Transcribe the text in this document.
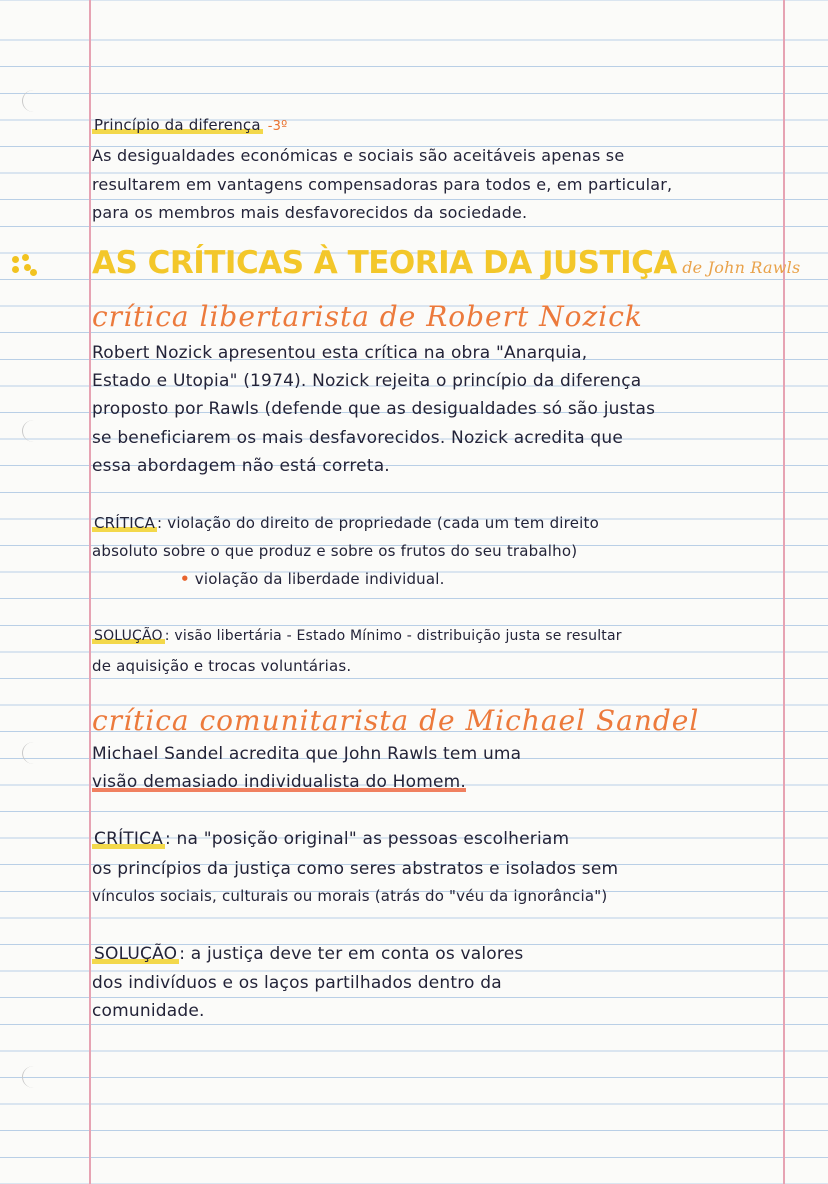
Princípio da diferença -3º
As desigualdades económicas e sociais são aceitáveis apenas se
resultarem em vantagens compensadoras para todos e, em particular,
para os membros mais desfavorecidos da sociedade.
AS CRÍTICAS À TEORIA DA JUSTIÇA de John Rawls
crítica libertarista de Robert Nozick
Robert Nozick apresentou esta crítica na obra "Anarquia,
Estado e Utopia" (1974). Nozick rejeita o princípio da diferença
proposto por Rawls (defende que as desigualdades só são justas
se beneficiarem os mais desfavorecidos. Nozick acredita que
essa abordagem não está correta.
CRÍTICA : violação do direito de propriedade (cada um tem direito
absoluto sobre o que produz e sobre os frutos do seu trabalho)
• violação da liberdade individual.
SOLUÇÃO : visão libertária - Estado Mínimo - distribuição justa se resultar
de aquisição e trocas voluntárias.
crítica comunitarista de Michael Sandel
Michael Sandel acredita que John Rawls tem uma
visão demasiado individualista do Homem.
CRÍTICA : na "posição original" as pessoas escolheriam
os princípios da justiça como seres abstratos e isolados sem
vínculos sociais, culturais ou morais (atrás do "véu da ignorância")
SOLUÇÃO : a justiça deve ter em conta os valores
dos indivíduos e os laços partilhados dentro da
comunidade.
